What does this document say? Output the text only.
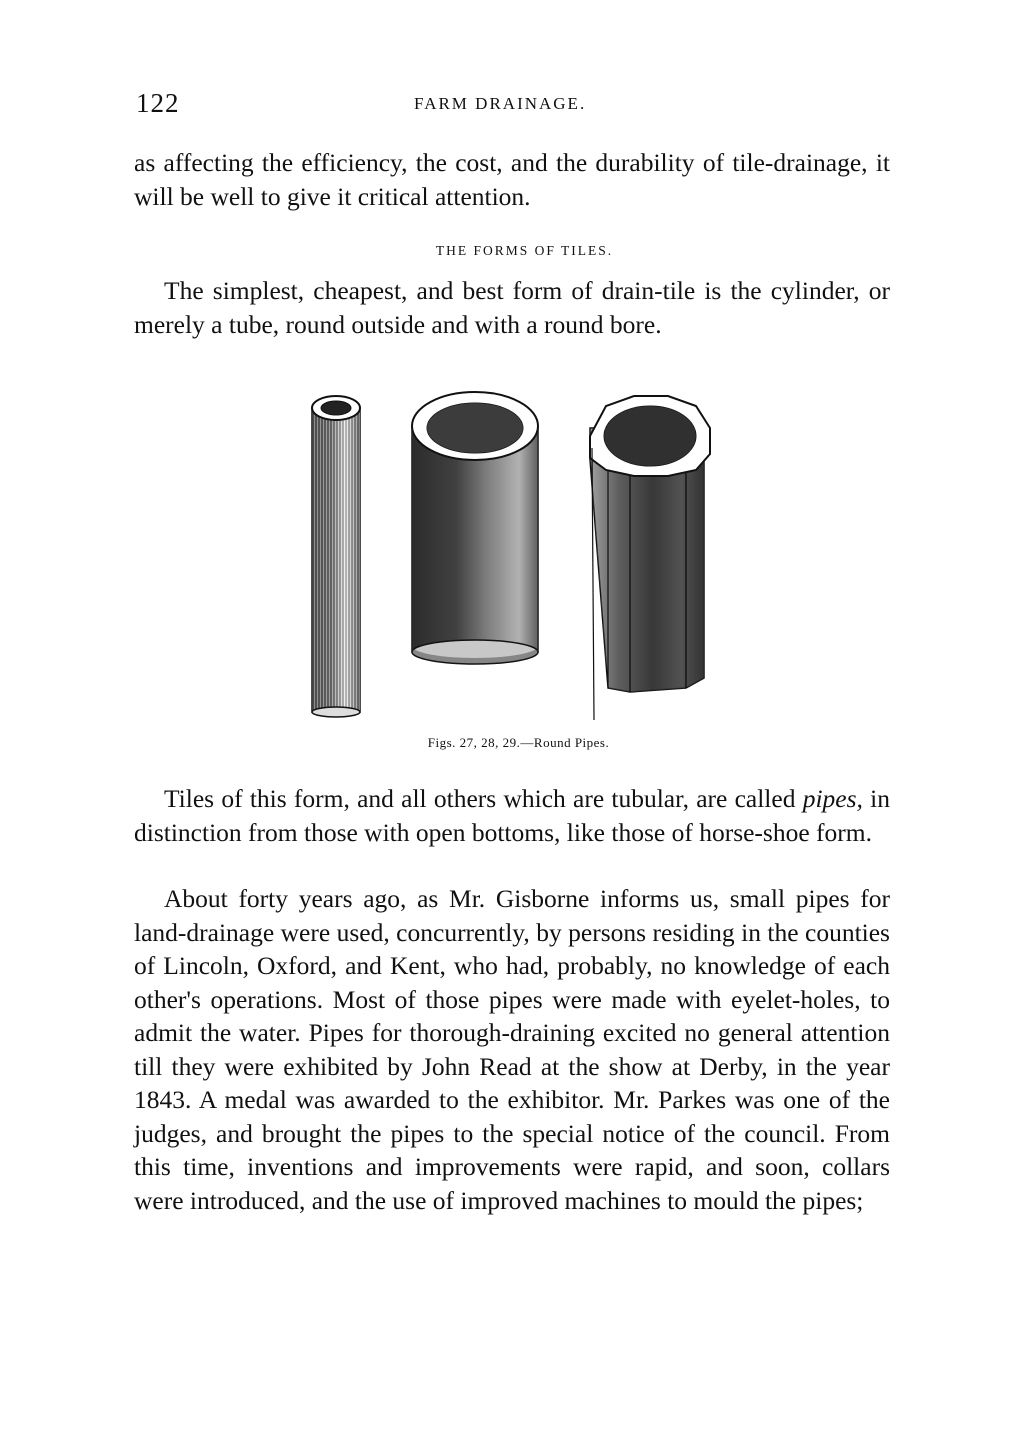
122	FARM DRAINAGE.

as affecting the efficiency, the cost, and the durability of tile-drainage, it will be well to give it critical attention.

THE FORMS OF TILES.

The simplest, cheapest, and best form of drain-tile is the cylinder, or merely a tube, round outside and with a round bore.

Figs. 27, 28, 29.—Round Pipes.

Tiles of this form, and all others which are tubular, are called pipes, in distinction from those with open bottoms, like those of horse-shoe form.

About forty years ago, as Mr. Gisborne informs us, small pipes for land-drainage were used, concurrently, by persons residing in the counties of Lincoln, Oxford, and Kent, who had, probably, no knowledge of each other's operations. Most of those pipes were made with eyelet-holes, to admit the water. Pipes for thorough-draining excited no general attention till they were exhibited by John Read at the show at Derby, in the year 1843. A medal was awarded to the exhibitor. Mr. Parkes was one of the judges, and brought the pipes to the special notice of the council. From this time, inventions and improvements were rapid, and soon, collars were introduced, and the use of improved machines to mould the pipes;
